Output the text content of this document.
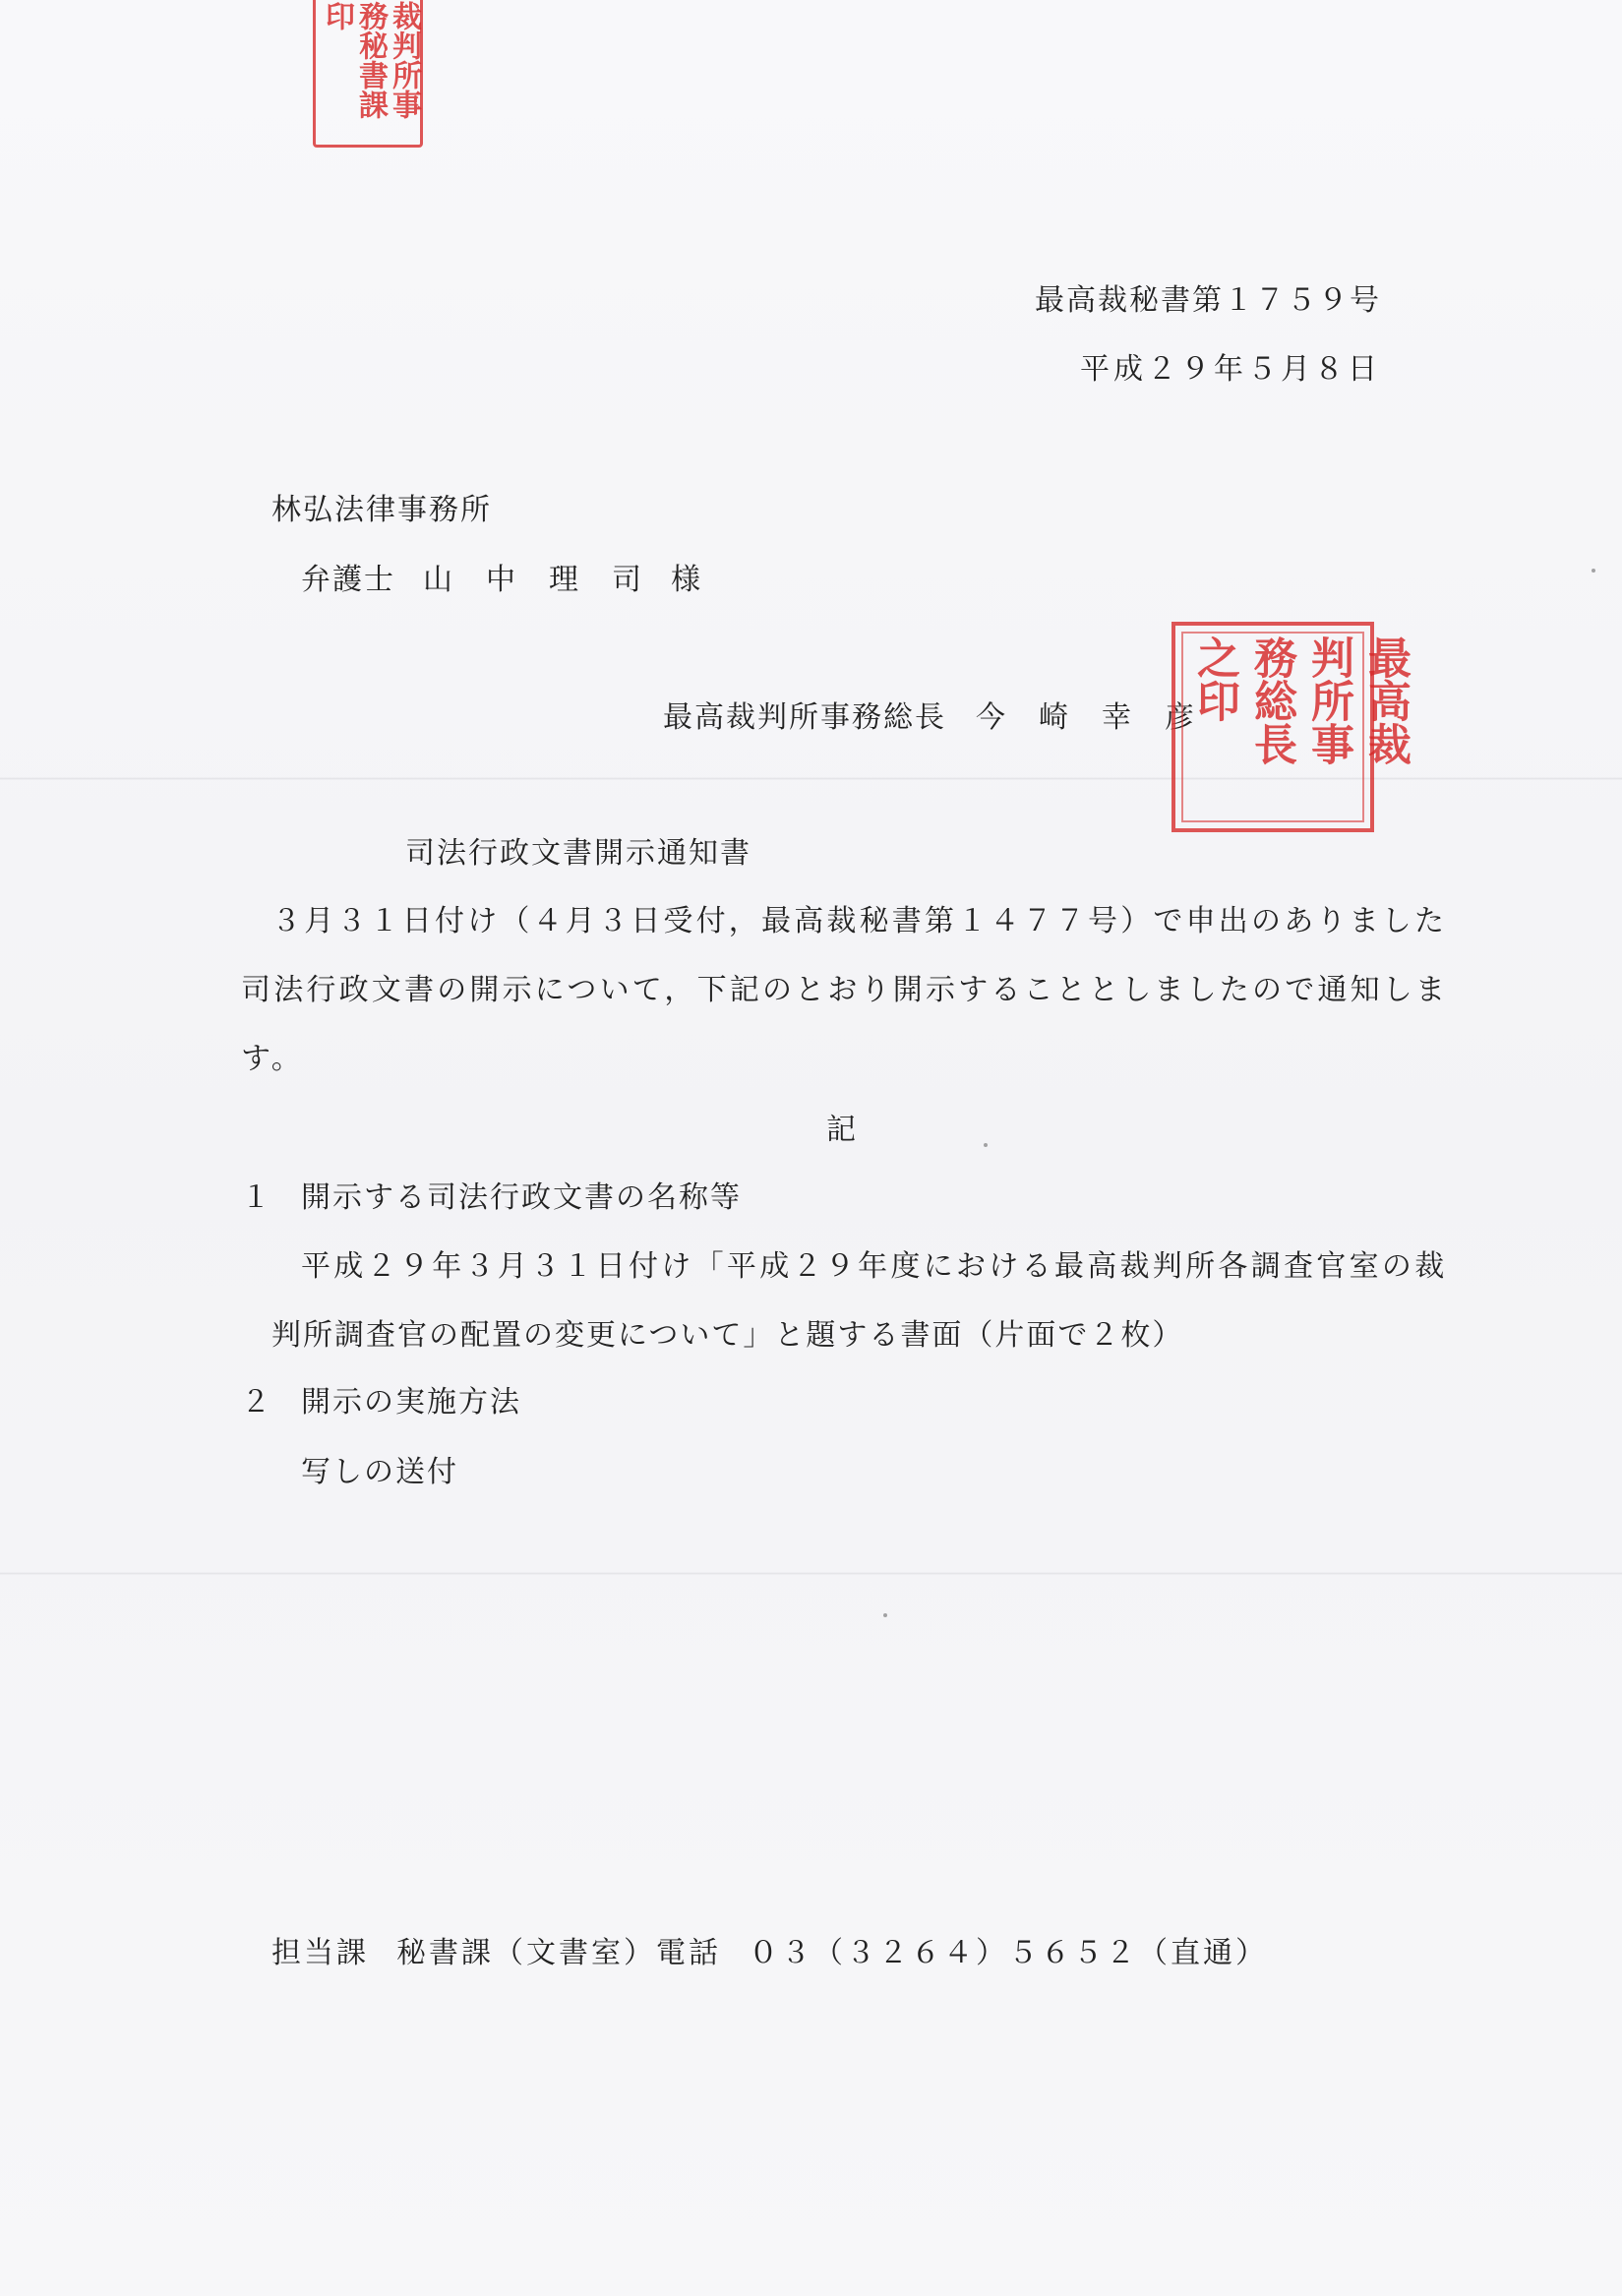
裁判所事
務秘書課
印
最高裁秘書第１７５９号
平成２９年５月８日
林弘法律事務所
弁護士 山　中　理　司 様
最高裁判所事務総長 今　崎　幸　彦	最高裁
判所事
務総長
之印
司法行政文書開示通知書
３月３１日付け（４月３日受付，最高裁秘書第１４７７号）で申出のありました
司法行政文書の開示について，下記のとおり開示することとしましたので通知しま
す。
記
１ 開示する司法行政文書の名称等
平成２９年３月３１日付け「平成２９年度における最高裁判所各調査官室の裁
判所調査官の配置の変更について」と題する書面（片面で２枚）
２ 開示の実施方法
写しの送付
担当課 秘書課（文書室）電話 ０３（３２６４）５６５２（直通）
